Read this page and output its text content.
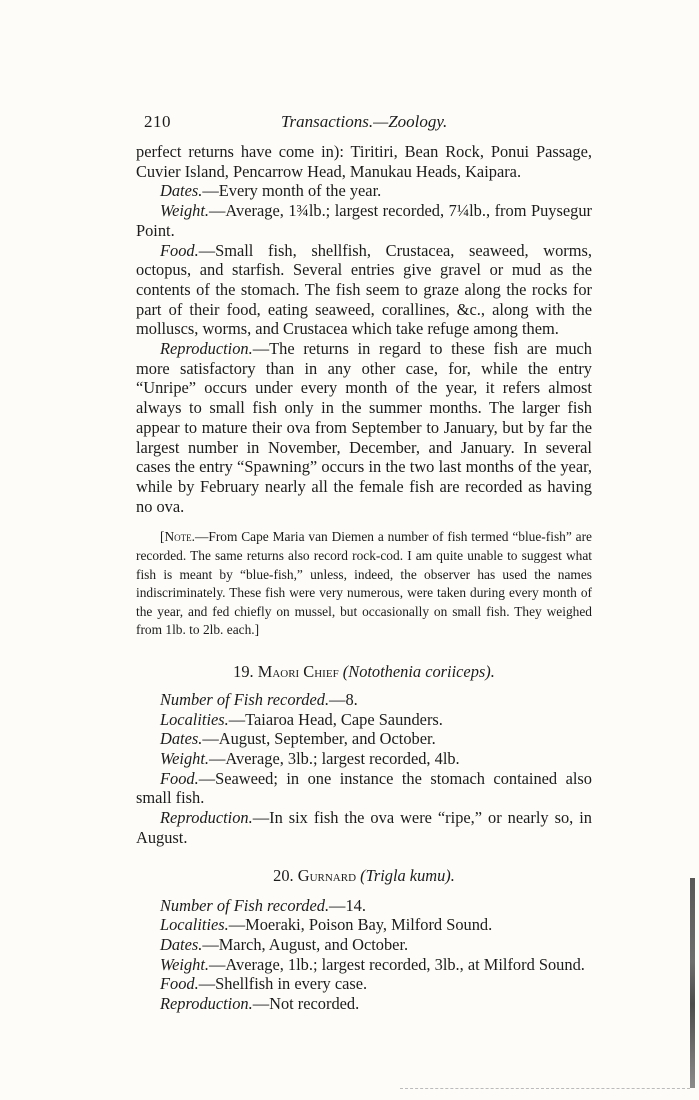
210	Transactions.—Zoology.

perfect returns have come in): Tiritiri, Bean Rock, Ponui Passage, Cuvier Island, Pencarrow Head, Manukau Heads, Kaipara.

Dates.—Every month of the year.

Weight.—Average, 1¾lb.; largest recorded, 7¼lb., from Puysegur Point.

Food.—Small fish, shellfish, Crustacea, seaweed, worms, octopus, and starfish. Several entries give gravel or mud as the contents of the stomach. The fish seem to graze along the rocks for part of their food, eating seaweed, corallines, &c., along with the molluscs, worms, and Crustacea which take refuge among them.

Reproduction.—The returns in regard to these fish are much more satisfactory than in any other case, for, while the entry “Unripe” occurs under every month of the year, it refers almost always to small fish only in the summer months. The larger fish appear to mature their ova from September to January, but by far the largest number in November, December, and January. In several cases the entry “Spawning” occurs in the two last months of the year, while by February nearly all the female fish are recorded as having no ova.

[Note.—From Cape Maria van Diemen a number of fish termed “blue-fish” are recorded. The same returns also record rock-cod. I am quite unable to suggest what fish is meant by “blue-fish,” unless, indeed, the observer has used the names indiscriminately. These fish were very numerous, were taken during every month of the year, and fed chiefly on mussel, but occasionally on small fish. They weighed from 1lb. to 2lb. each.]

19. Maori Chief (Notothenia coriiceps).

Number of Fish recorded.—8.

Localities.—Taiaroa Head, Cape Saunders.

Dates.—August, September, and October.

Weight.—Average, 3lb.; largest recorded, 4lb.

Food.—Seaweed; in one instance the stomach contained also small fish.

Reproduction.—In six fish the ova were “ripe,” or nearly so, in August.

20. Gurnard (Trigla kumu).

Number of Fish recorded.—14.

Localities.—Moeraki, Poison Bay, Milford Sound.

Dates.—March, August, and October.

Weight.—Average, 1lb.; largest recorded, 3lb., at Milford Sound.

Food.—Shellfish in every case.

Reproduction.—Not recorded.
